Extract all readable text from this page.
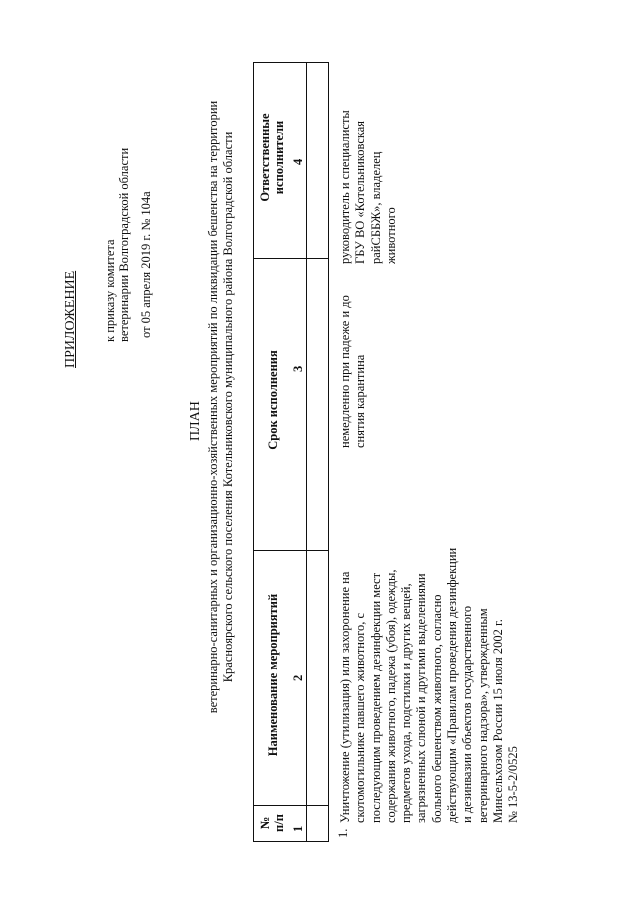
ПРИЛОЖЕНИЕ к приказу комитета ветеринарии Волгоградской области от 05 апреля 2019 г. № 104а
ПЛАН ветеринарно-санитарных и организационно-хозяйственных мероприятий по ликвидации бешенства на территории Краснoярского сельского поселения Котельниковского муниципального района Волгоградской области
№ п/п
Наименование мероприятий
Срок исполнения
Ответственные исполнители
1
2
3
4
1.
Уничтожение (утилизация) или захоронение на скотомогильнике павшего животного, с последующим проведением дезинфекции мест содержания животного, падежа (убоя), одежды, предметов ухода, подстилки и других вещей, загрязненных слюной и другими выделениями больного бешенством животного, согласно действующим «Правилам проведения дезинфекции и дезинвазии объектов государственного ветеринарного надзора», утвержденным Минсельхозом России 15 июля 2002 г. № 13-5-2/0525
немедленно при падеже и до снятия карантина
руководитель и специалисты ГБУ ВО «Котельниковская райСББЖ», владелец животного
